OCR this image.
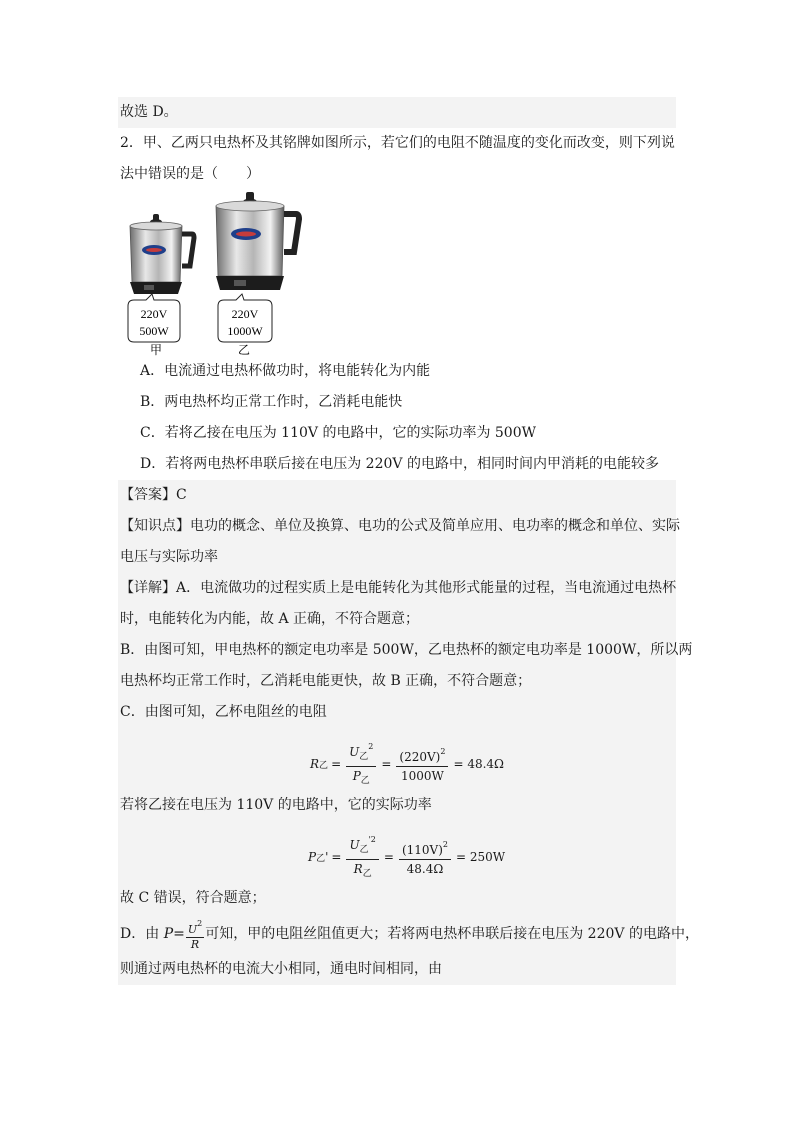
故选 D。
2．甲、乙两只电热杯及其铭牌如图所示，若它们的电阻不随温度的变化而改变，则下列说
法中错误的是（　　）
220V
500W
220V
1000W
甲	乙
A．电流通过电热杯做功时，将电能转化为内能
B．两电热杯均正常工作时，乙消耗电能快
C．若将乙接在电压为 110V 的电路中，它的实际功率为 500W
D．若将两电热杯串联后接在电压为 220V 的电路中，相同时间内甲消耗的电能较多
【答案】C
【知识点】电功的概念、单位及换算、电功的公式及简单应用、电功率的概念和单位、实际
电压与实际功率
【详解】A．电流做功的过程实质上是电能转化为其他形式能量的过程，当电流通过电热杯
时，电能转化为内能，故 A 正确，不符合题意；
B．由图可知，甲电热杯的额定电功率是 500W，乙电热杯的额定电功率是 1000W，所以两
电热杯均正常工作时，乙消耗电能更快，故 B 正确，不符合题意；
C．由图可知，乙杯电阻丝的电阻
R 乙 = $\frac{U_乙^2}{P_乙} = \frac{(220V)^2}{1000W} = 48.4\Omega$
若将乙接在电压为 110V 的电路中，它的实际功率
P 乙 ' = $\frac{U_乙^{'2}}{R_乙} = \frac{(110V)^2}{48.4\Omega} = 250W$
故 C 错误，符合题意；
D．由 $P= \frac{U^2}{R}$ 可知，甲的电阻丝阻值更大；若将两电热杯串联后接在电压为 220V 的电路中，
则通过两电热杯的电流大小相同，通电时间相同，由
